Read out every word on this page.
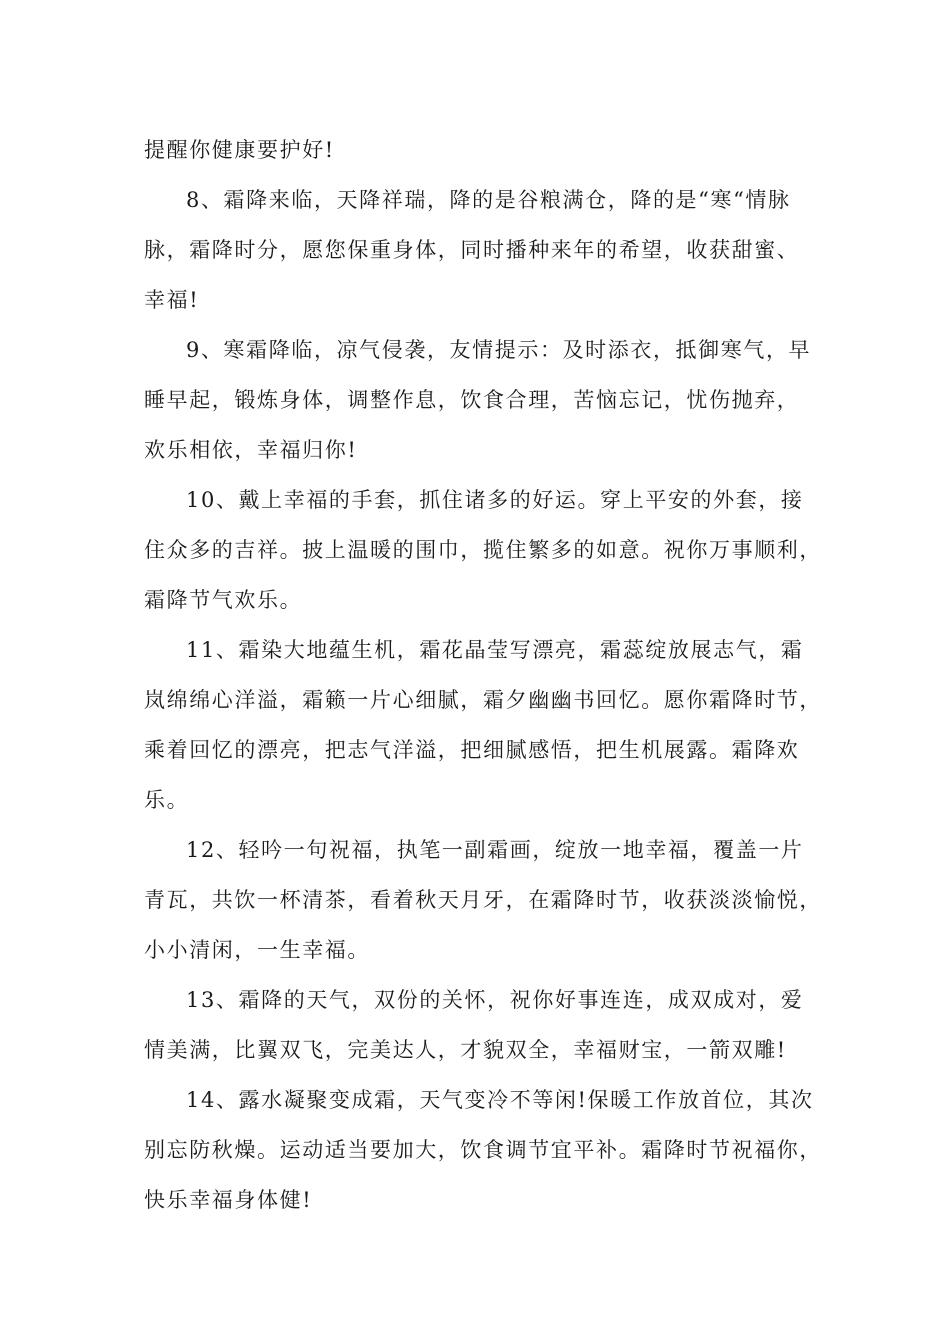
提醒你健康要护好!
8、霜降来临，天降祥瑞，降的是谷粮满仓，降的是“寒“情脉
脉，霜降时分，愿您保重身体，同时播种来年的希望，收获甜蜜、
幸福!
9、寒霜降临，凉气侵袭，友情提示：及时添衣，抵御寒气，早
睡早起，锻炼身体，调整作息，饮食合理，苦恼忘记，忧伤抛弃，
欢乐相依，幸福归你!
10、戴上幸福的手套，抓住诸多的好运。穿上平安的外套，接
住众多的吉祥。披上温暖的围巾，揽住繁多的如意。祝你万事顺利，
霜降节气欢乐。
11、霜染大地蕴生机，霜花晶莹写漂亮，霜蕊绽放展志气，霜
岚绵绵心洋溢，霜籁一片心细腻，霜夕幽幽书回忆。愿你霜降时节，
乘着回忆的漂亮，把志气洋溢，把细腻感悟，把生机展露。霜降欢
乐。
12、轻吟一句祝福，执笔一副霜画，绽放一地幸福，覆盖一片
青瓦，共饮一杯清茶，看着秋天月牙，在霜降时节，收获淡淡愉悦，
小小清闲，一生幸福。
13、霜降的天气，双份的关怀，祝你好事连连，成双成对，爱
情美满，比翼双飞，完美达人，才貌双全，幸福财宝，一箭双雕!
14、露水凝聚变成霜，天气变冷不等闲!保暖工作放首位，其次
别忘防秋燥。运动适当要加大，饮食调节宜平补。霜降时节祝福你，
快乐幸福身体健!
